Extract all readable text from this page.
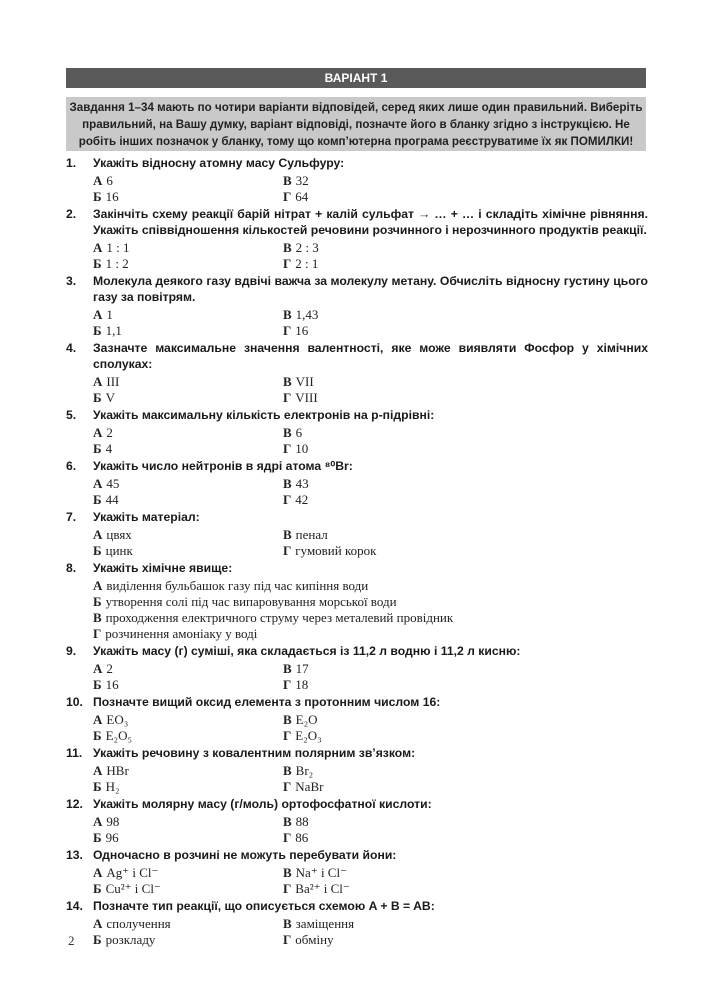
ВАРІАНТ 1
Завдання 1–34 мають по чотири варіанти відповідей, серед яких лише один правильний. Виберіть правильний, на Вашу думку, варіант відповіді, позначте його в бланку згідно з інструкцією. Не робіть інших позначок у бланку, тому що комп’ютерна програма реєструватиме їх як ПОМИЛКИ!
1.	Укажіть відносну атомну масу Сульфуру:
А 6	В 32
Б 16	Г 64
2.	Закінчіть схему реакції барій нітрат + калій сульфат → … + … і складіть хімічне рівняння. Укажіть співвідношення кількостей речовини розчинного і нерозчинного продуктів реакції.
А 1 : 1	В 2 : 3
Б 1 : 2	Г 2 : 1
3.	Молекула деякого газу вдвічі важча за молекулу метану. Обчисліть відносну густину цього газу за повітрям.
А 1	В 1,43
Б 1,1	Г 16
4.	Зазначте максимальне значення валентності, яке може виявляти Фосфор у хімічних сполуках:
А III	В VII
Б V	Г VIII
5.	Укажіть максимальну кількість електронів на p-підрівні:
А 2	В 6
Б 4	Г 10
6.	Укажіть число нейтронів в ядрі атома ⁸⁰Br:
А 45	В 43
Б 44	Г 42
7.	Укажіть матеріал:
А цвях	В пенал
Б цинк	Г гумовий корок
8.	Укажіть хімічне явище:
А виділення бульбашок газу під час кипіння води
Б утворення солі під час випаровування морської води
В проходження електричного струму через металевий провідник
Г розчинення амоніаку у воді
9.	Укажіть масу (г) суміші, яка складається із 11,2 л водню і 11,2 л кисню:
А 2	В 17
Б 16	Г 18
10. Позначте вищий оксид елемента з протонним числом 16:
А EO₃	В E₂O
Б E₂O₅	Г E₂O₃
11. Укажіть речовину з ковалентним полярним зв’язком:
А HBr	В Br₂
Б H₂	Г NaBr
12. Укажіть молярну масу (г/моль) ортофосфатної кислоти:
А 98	В 88
Б 96	Г 86
13. Одночасно в розчині не можуть перебувати йони:
А Ag⁺ і Cl⁻	В Na⁺ і Cl⁻
Б Cu²⁺ і Cl⁻	Г Ba²⁺ і Cl⁻
14. Позначте тип реакції, що описується схемою A + B = AB:
А сполучення	В заміщення
Б розкладу	Г обміну
2
